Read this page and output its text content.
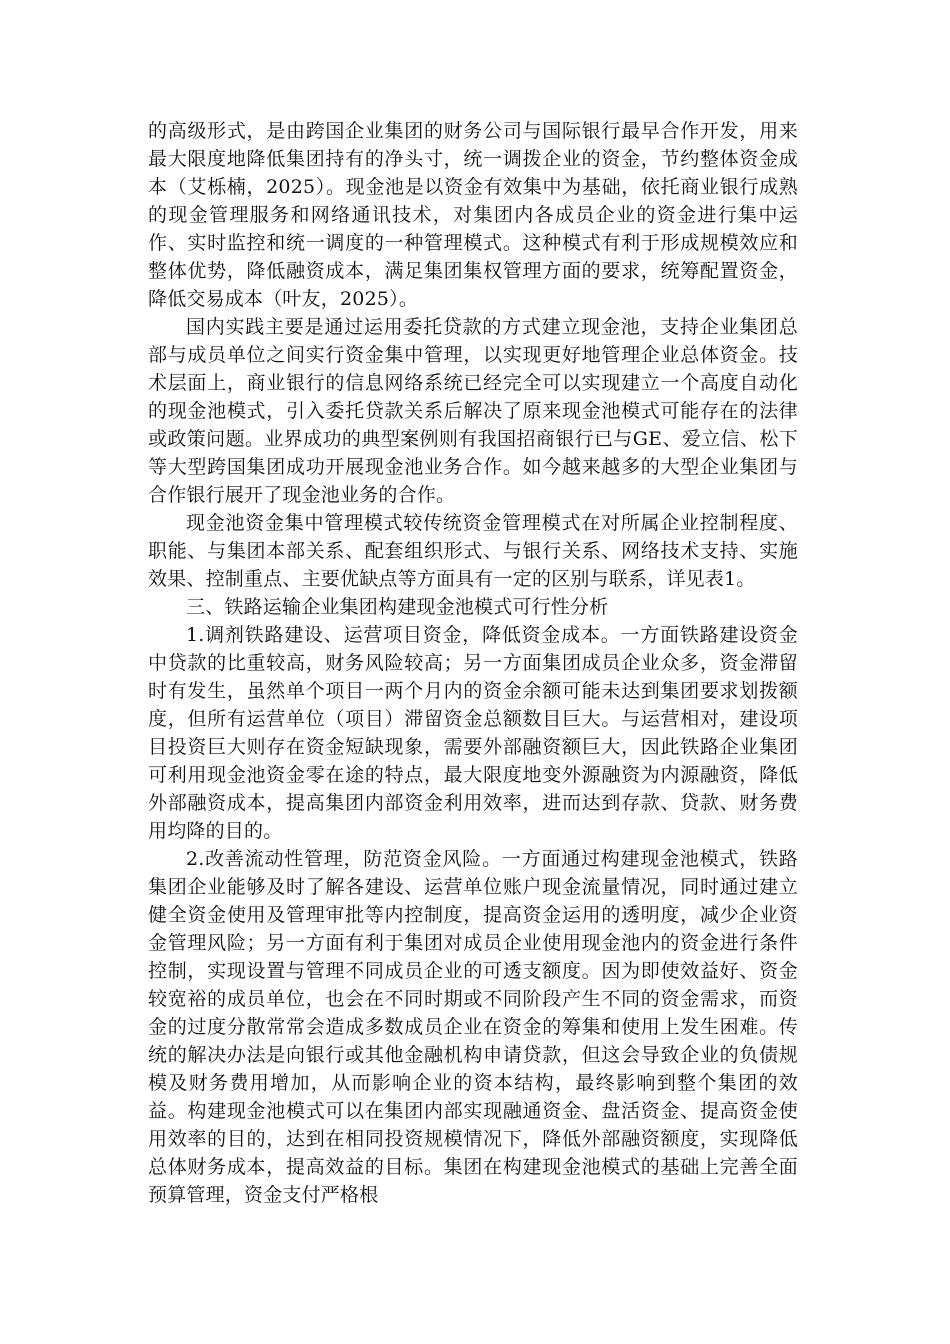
的高级形式，是由跨国企业集团的财务公司与国际银行最早合作开发，用来最大限度地降低集团持有的净头寸，统一调拨企业的资金，节约整体资金成本（艾栎楠，2025）。现金池是以资金有效集中为基础，依托商业银行成熟的现金管理服务和网络通讯技术，对集团内各成员企业的资金进行集中运作、实时监控和统一调度的一种管理模式。这种模式有利于形成规模效应和整体优势，降低融资成本，满足集团集权管理方面的要求，统筹配置资金，降低交易成本（叶友，2025）。

国内实践主要是通过运用委托贷款的方式建立现金池，支持企业集团总部与成员单位之间实行资金集中管理，以实现更好地管理企业总体资金。技术层面上，商业银行的信息网络系统已经完全可以实现建立一个高度自动化的现金池模式，引入委托贷款关系后解决了原来现金池模式可能存在的法律或政策问题。业界成功的典型案例则有我国招商银行已与GE、爱立信、松下等大型跨国集团成功开展现金池业务合作。如今越来越多的大型企业集团与合作银行展开了现金池业务的合作。

现金池资金集中管理模式较传统资金管理模式在对所属企业控制程度、职能、与集团本部关系、配套组织形式、与银行关系、网络技术支持、实施效果、控制重点、主要优缺点等方面具有一定的区别与联系，详见表1。

三、铁路运输企业集团构建现金池模式可行性分析

1.调剂铁路建设、运营项目资金，降低资金成本。一方面铁路建设资金中贷款的比重较高，财务风险较高；另一方面集团成员企业众多，资金滞留时有发生，虽然单个项目一两个月内的资金余额可能未达到集团要求划拨额度，但所有运营单位（项目）滞留资金总额数目巨大。与运营相对，建设项目投资巨大则存在资金短缺现象，需要外部融资额巨大，因此铁路企业集团可利用现金池资金零在途的特点，最大限度地变外源融资为内源融资，降低外部融资成本，提高集团内部资金利用效率，进而达到存款、贷款、财务费用均降的目的。

2.改善流动性管理，防范资金风险。一方面通过构建现金池模式，铁路集团企业能够及时了解各建设、运营单位账户现金流量情况，同时通过建立健全资金使用及管理审批等内控制度，提高资金运用的透明度，减少企业资金管理风险；另一方面有利于集团对成员企业使用现金池内的资金进行条件控制，实现设置与管理不同成员企业的可透支额度。因为即使效益好、资金较宽裕的成员单位，也会在不同时期或不同阶段产生不同的资金需求，而资金的过度分散常常会造成多数成员企业在资金的筹集和使用上发生困难。传统的解决办法是向银行或其他金融机构申请贷款，但这会导致企业的负债规模及财务费用增加，从而影响企业的资本结构，最终影响到整个集团的效益。构建现金池模式可以在集团内部实现融通资金、盘活资金、提高资金使用效率的目的，达到在相同投资规模情况下，降低外部融资额度，实现降低总体财务成本，提高效益的目标。集团在构建现金池模式的基础上完善全面预算管理，资金支付严格根
